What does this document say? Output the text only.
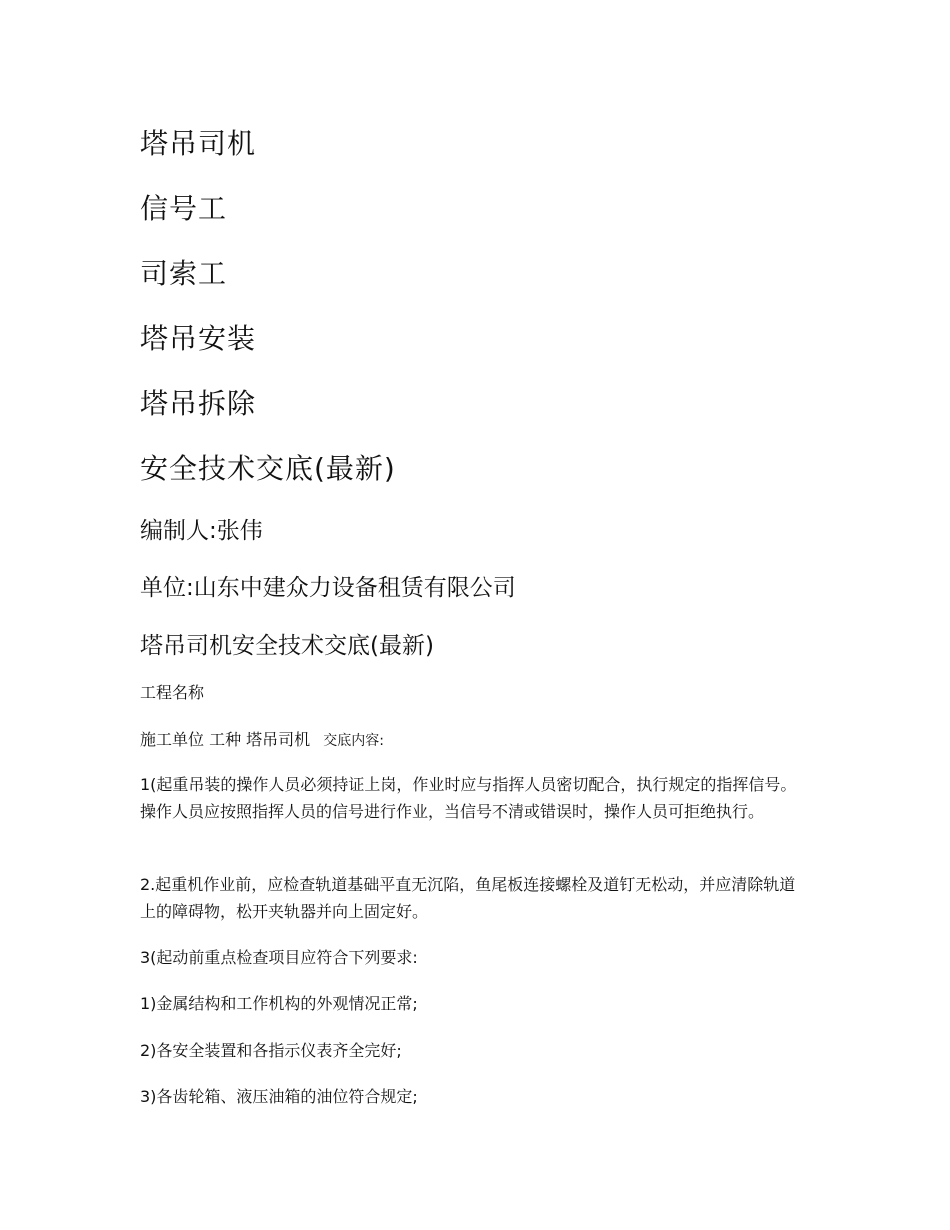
塔吊司机
信号工
司索工
塔吊安装
塔吊拆除
安全技术交底(最新)
编制人:张伟
单位:山东中建众力设备租赁有限公司
塔吊司机安全技术交底(最新)
工程名称
施工单位 工种 塔吊司机 交底内容:

1(起重吊装的操作人员必须持证上岗，作业时应与指挥人员密切配合，执行规定的指挥信号。操作人员应按照指挥人员的信号进行作业，当信号不清或错误时，操作人员可拒绝执行。

2.起重机作业前，应检查轨道基础平直无沉陷，鱼尾板连接螺栓及道钉无松动，并应清除轨道上的障碍物，松开夹轨器并向上固定好。

3(起动前重点检查项目应符合下列要求:

1)金属结构和工作机构的外观情况正常;

2)各安全装置和各指示仪表齐全完好;

3)各齿轮箱、液压油箱的油位符合规定;
